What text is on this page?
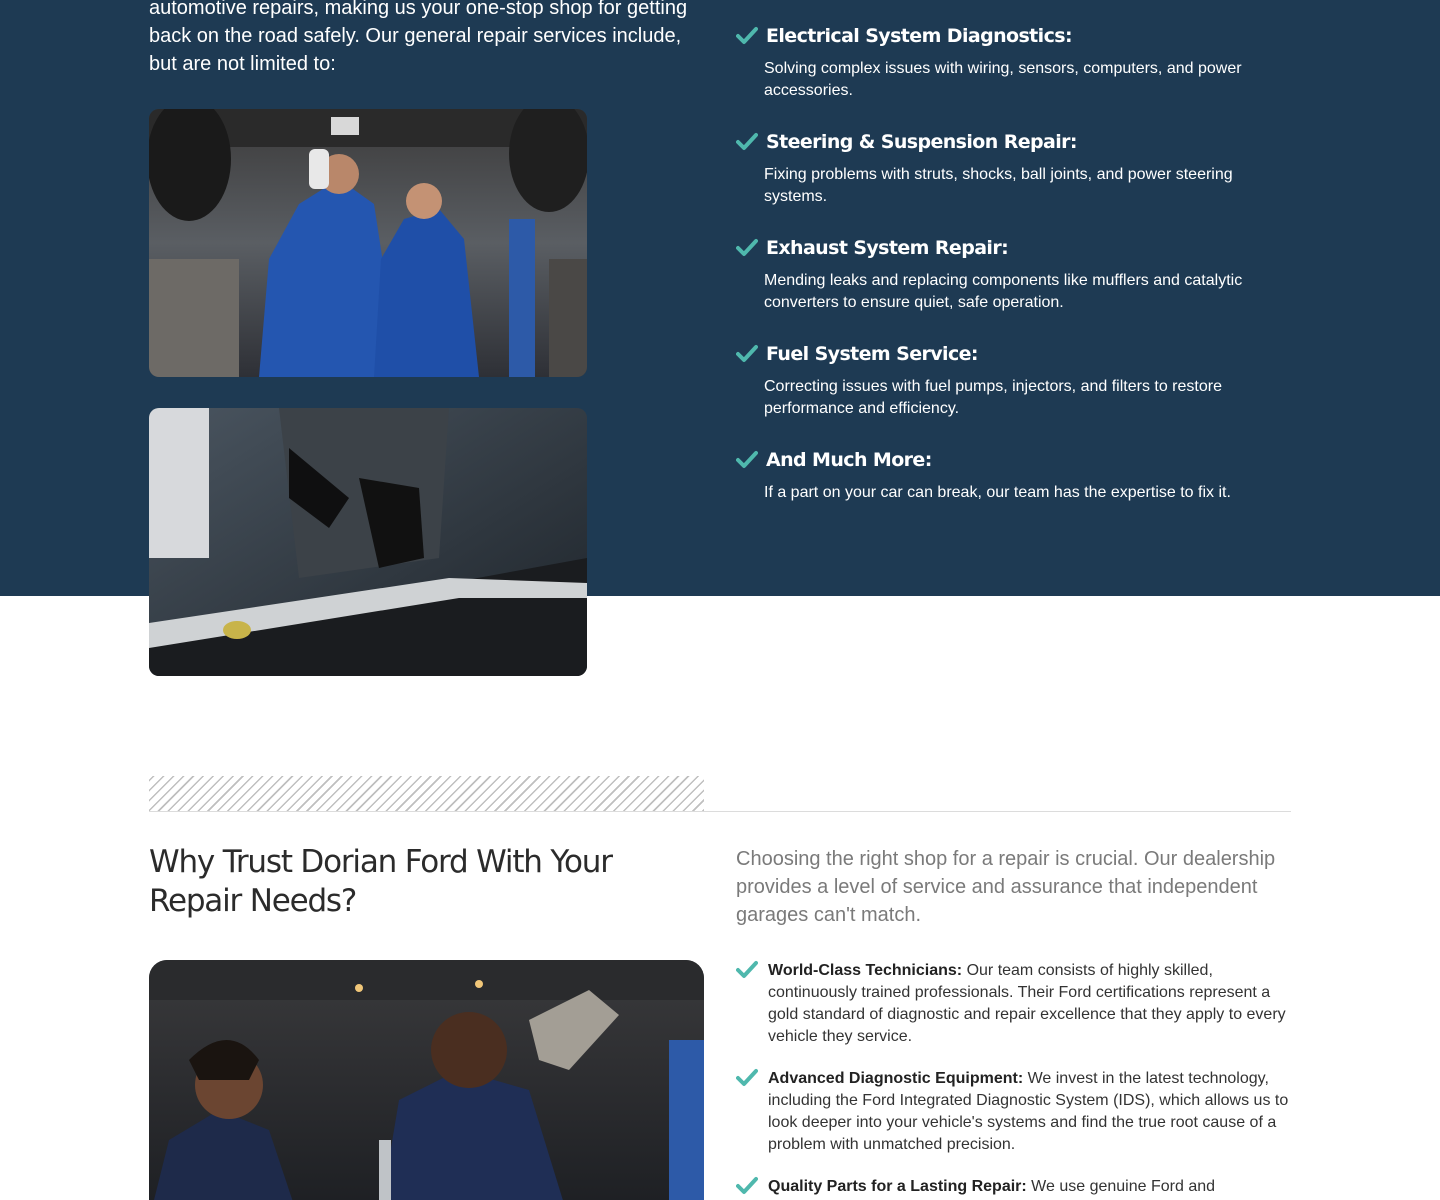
automotive repairs, making us your one-stop shop for getting back on the road safely. Our general repair services include, but are not limited to:

Electrical System Diagnostics:

Solving complex issues with wiring, sensors, computers, and power accessories.

Steering & Suspension Repair:

Fixing problems with struts, shocks, ball joints, and power steering systems.

Exhaust System Repair:

Mending leaks and replacing components like mufflers and catalytic converters to ensure quiet, safe operation.

Fuel System Service:

Correcting issues with fuel pumps, injectors, and filters to restore performance and efficiency.

And Much More:

If a part on your car can break, our team has the expertise to fix it.

Why Trust Dorian Ford With Your Repair Needs?

Choosing the right shop for a repair is crucial. Our dealership provides a level of service and assurance that independent garages can't match.

World-Class Technicians: Our team consists of highly skilled, continuously trained professionals. Their Ford certifications represent a gold standard of diagnostic and repair excellence that they apply to every vehicle they service.

Advanced Diagnostic Equipment: We invest in the latest technology, including the Ford Integrated Diagnostic System (IDS), which allows us to look deeper into your vehicle's systems and find the true root cause of a problem with unmatched precision.

Quality Parts for a Lasting Repair: We use genuine Ford and
